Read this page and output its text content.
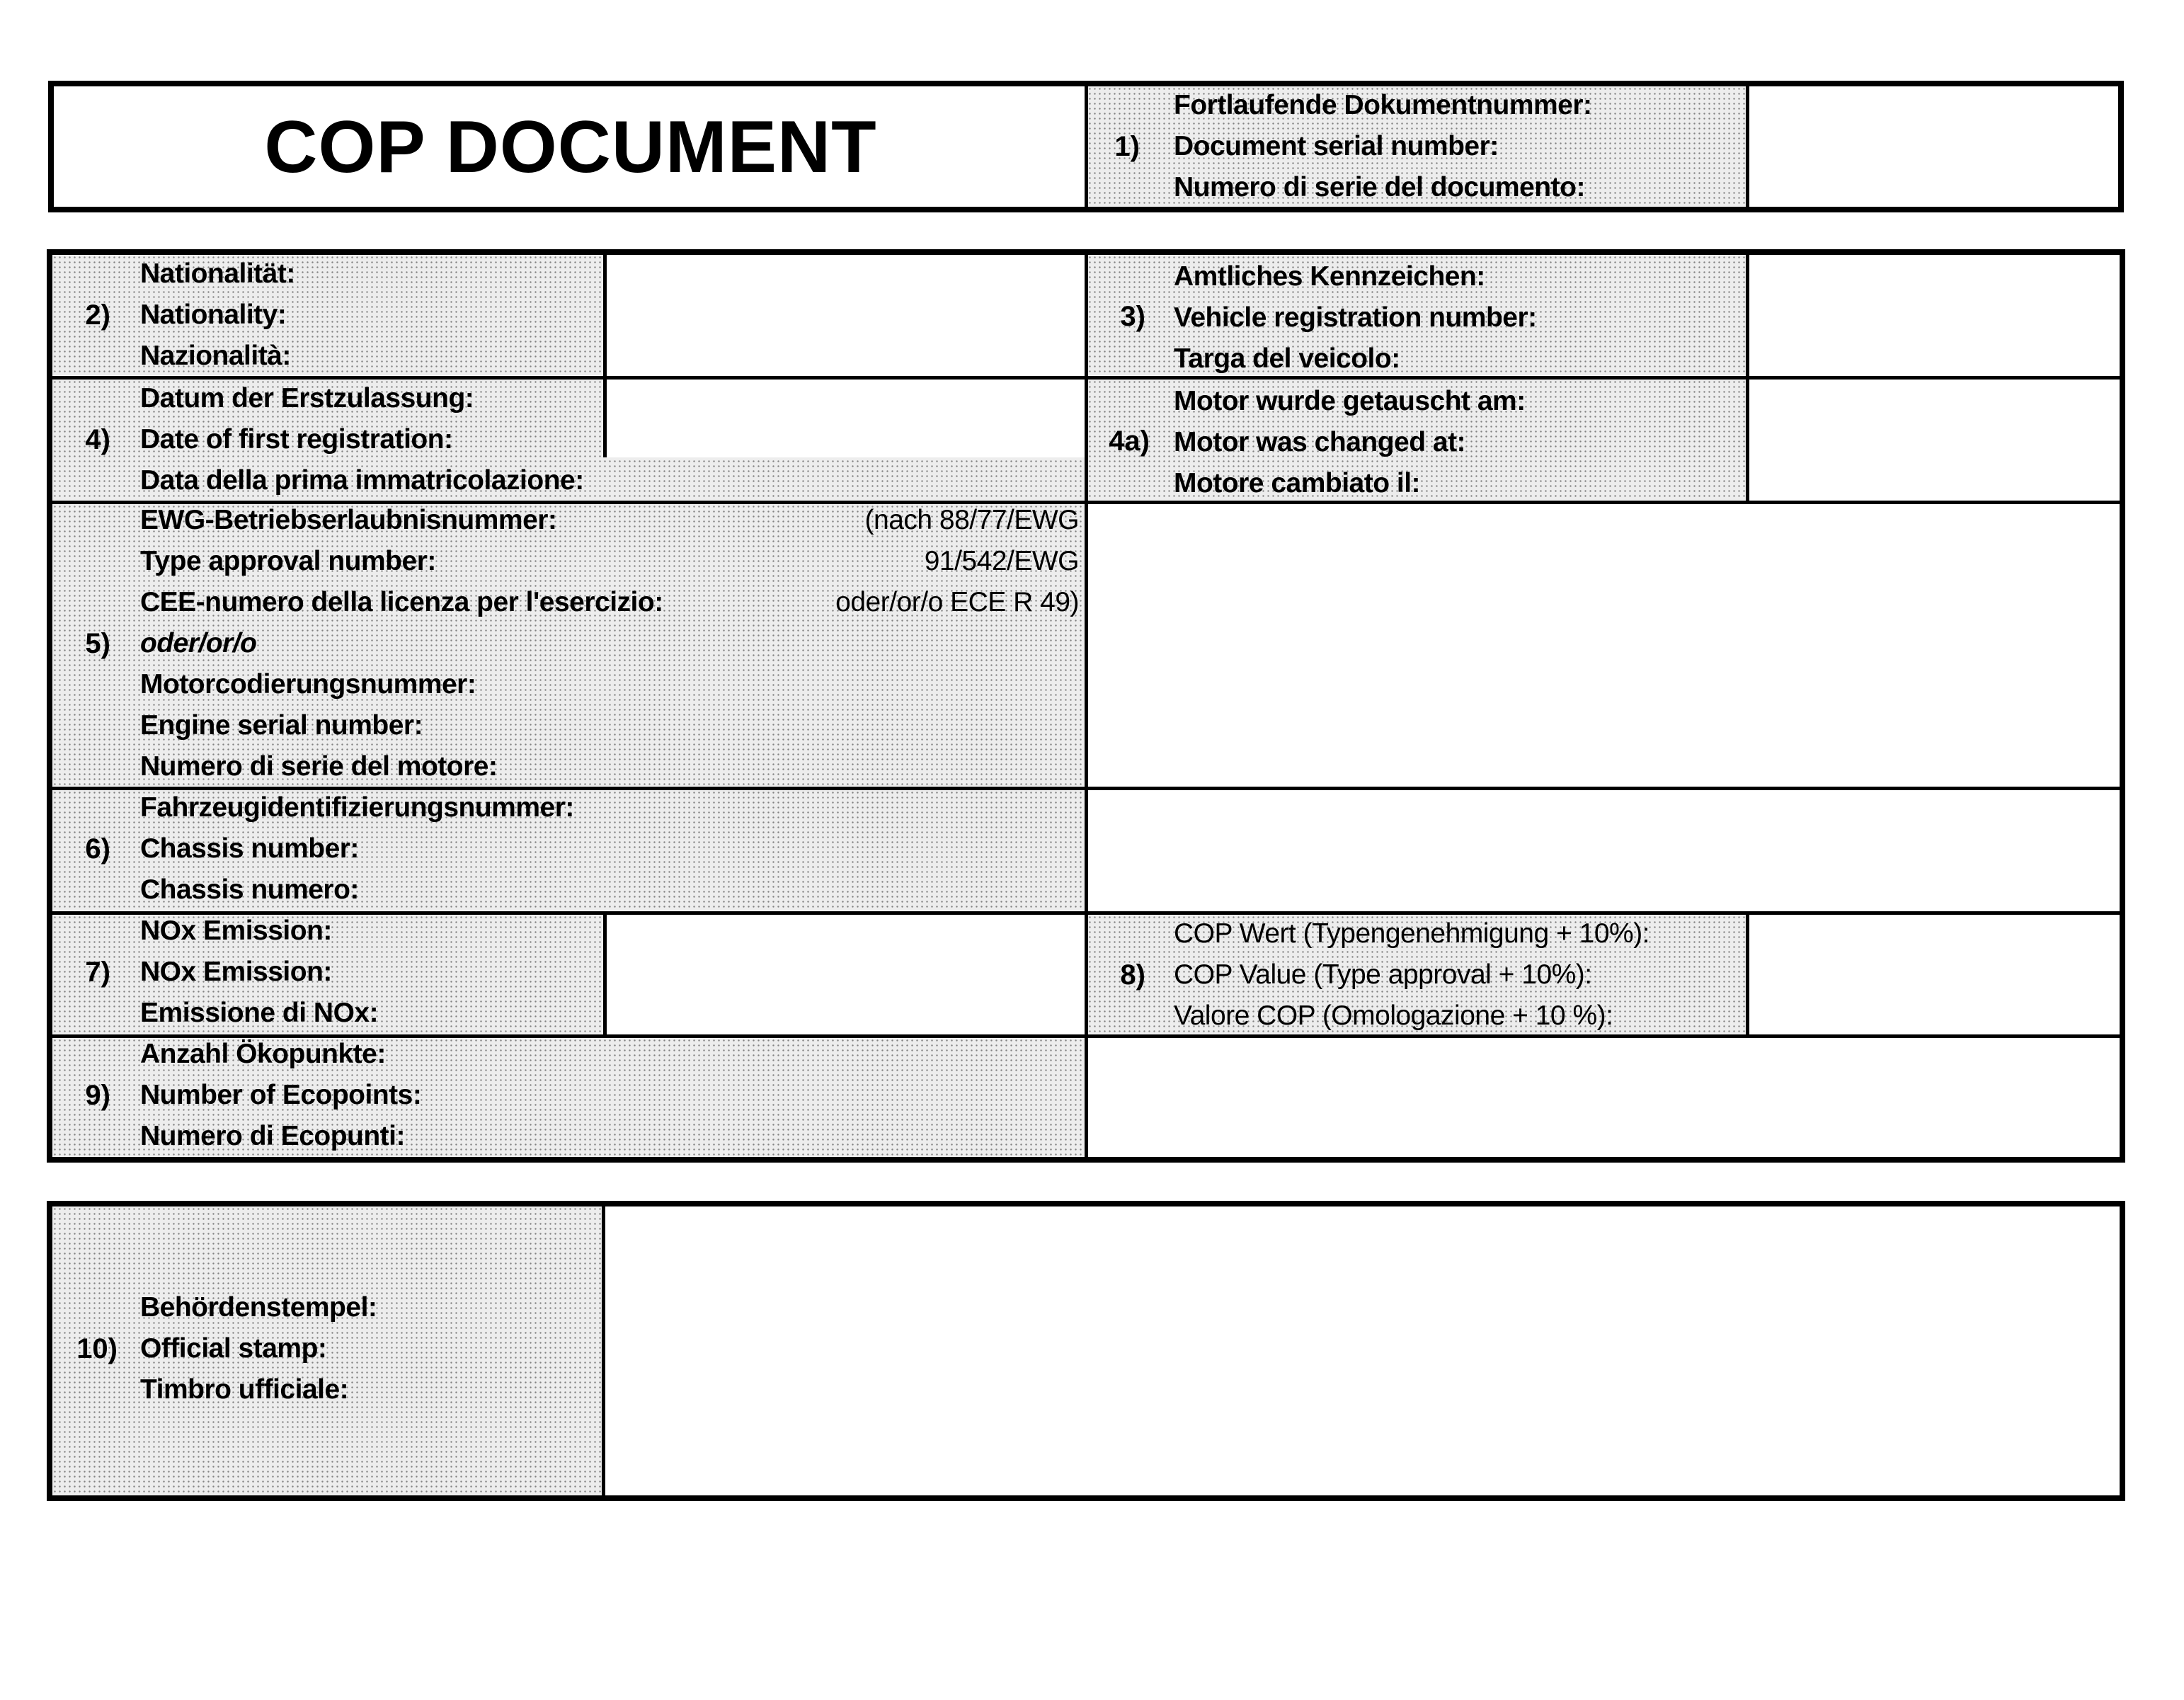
COP DOCUMENT	1)
Fortlaufende Dokumentnummer:
Document serial number:
Numero di serie del documento:
2)
Nationalität:
Nationality:
Nazionalità:
3)
Amtliches Kennzeichen:
Vehicle registration number:
Targa del veicolo:
4)
Datum der Erstzulassung:
Date of first registration:
Data della prima immatricolazione:
4a)
Motor wurde getauscht am:
Motor was changed at:
Motore cambiato il:
5)
EWG-Betriebserlaubnisnummer:
Type approval number:
CEE-numero della licenza per l'esercizio:
oder/or/o
Motorcodierungsnummer:
Engine serial number:
Numero di serie del motore:
(nach 88/77/EWG
91/542/EWG
oder/or/o ECE R 49)
6)
Fahrzeugidentifizierungsnummer:
Chassis number:
Chassis numero:
7)
NOx Emission:
NOx Emission:
Emissione di NOx:
8)
COP Wert (Typengenehmigung + 10%):
COP Value (Type approval + 10%):
Valore COP (Omologazione + 10 %):
9)
Anzahl Ökopunkte:
Number of Ecopoints:
Numero di Ecopunti:
10)
Behördenstempel:
Official stamp:
Timbro ufficiale:
